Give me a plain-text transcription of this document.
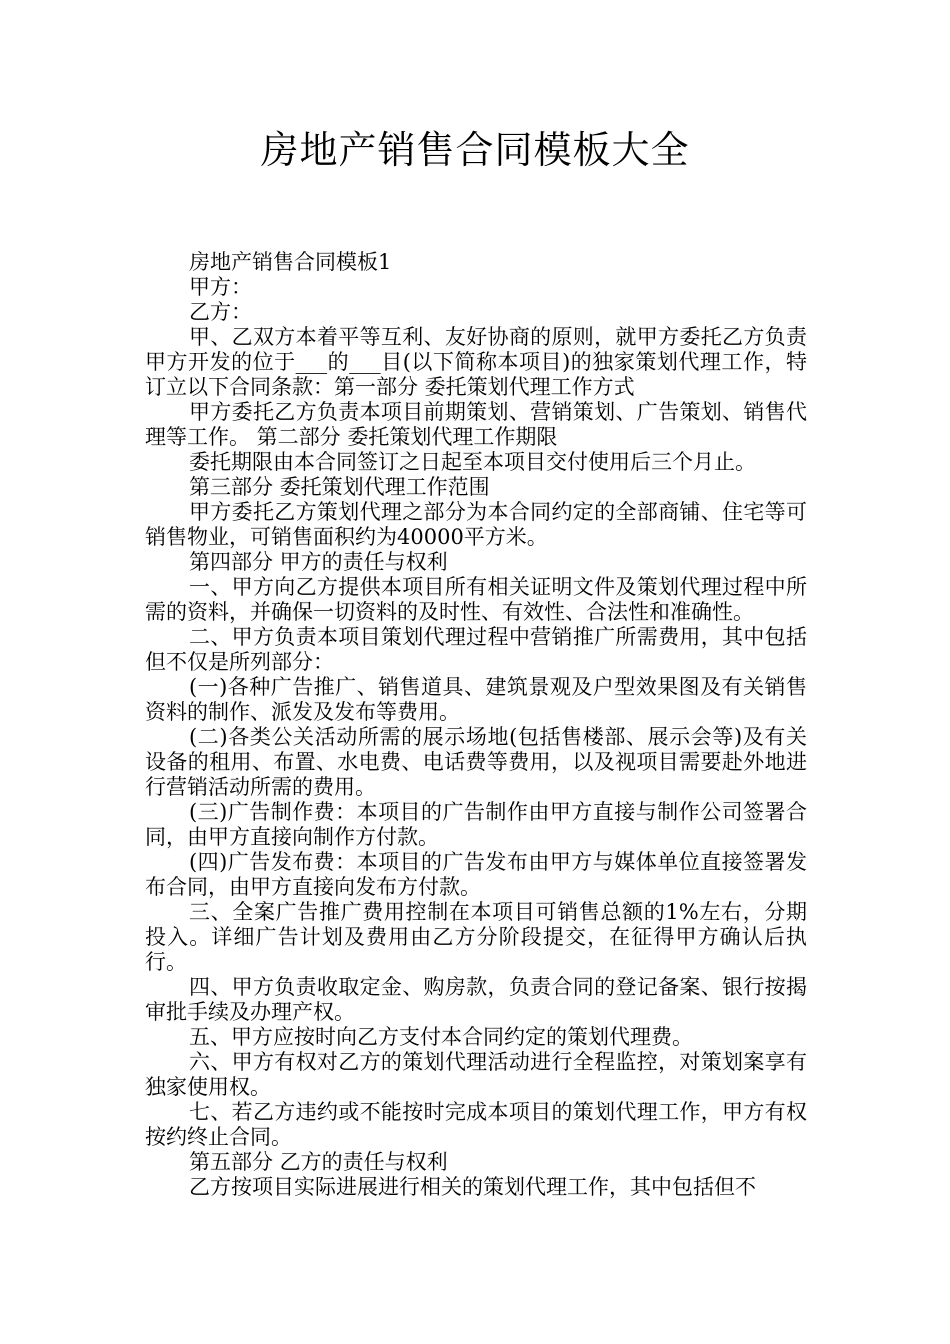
房地产销售合同模板大全

房地产销售合同模板1

甲方：

乙方：

甲、乙双方本着平等互利、友好协商的原则，就甲方委托乙方负责甲方开发的位于___的___目(以下简称本项目)的独家策划代理工作，特订立以下合同条款：第一部分 委托策划代理工作方式

甲方委托乙方负责本项目前期策划、营销策划、广告策划、销售代理等工作。 第二部分 委托策划代理工作期限

委托期限由本合同签订之日起至本项目交付使用后三个月止。

第三部分 委托策划代理工作范围

甲方委托乙方策划代理之部分为本合同约定的全部商铺、住宅等可销售物业，可销售面积约为40000平方米。

第四部分 甲方的责任与权利

一、甲方向乙方提供本项目所有相关证明文件及策划代理过程中所需的资料，并确保一切资料的及时性、有效性、合法性和准确性。

二、甲方负责本项目策划代理过程中营销推广所需费用，其中包括但不仅是所列部分：

(一)各种广告推广、销售道具、建筑景观及户型效果图及有关销售资料的制作、派发及发布等费用。

(二)各类公关活动所需的展示场地(包括售楼部、展示会等)及有关设备的租用、布置、水电费、电话费等费用，以及视项目需要赴外地进行营销活动所需的费用。

(三)广告制作费：本项目的广告制作由甲方直接与制作公司签署合同，由甲方直接向制作方付款。

(四)广告发布费：本项目的广告发布由甲方与媒体单位直接签署发布合同，由甲方直接向发布方付款。

三、全案广告推广费用控制在本项目可销售总额的1%左右，分期投入。详细广告计划及费用由乙方分阶段提交，在征得甲方确认后执行。

四、甲方负责收取定金、购房款，负责合同的登记备案、银行按揭审批手续及办理产权。

五、甲方应按时向乙方支付本合同约定的策划代理费。

六、甲方有权对乙方的策划代理活动进行全程监控，对策划案享有独家使用权。

七、若乙方违约或不能按时完成本项目的策划代理工作，甲方有权按约终止合同。

第五部分 乙方的责任与权利

乙方按项目实际进展进行相关的策划代理工作，其中包括但不
